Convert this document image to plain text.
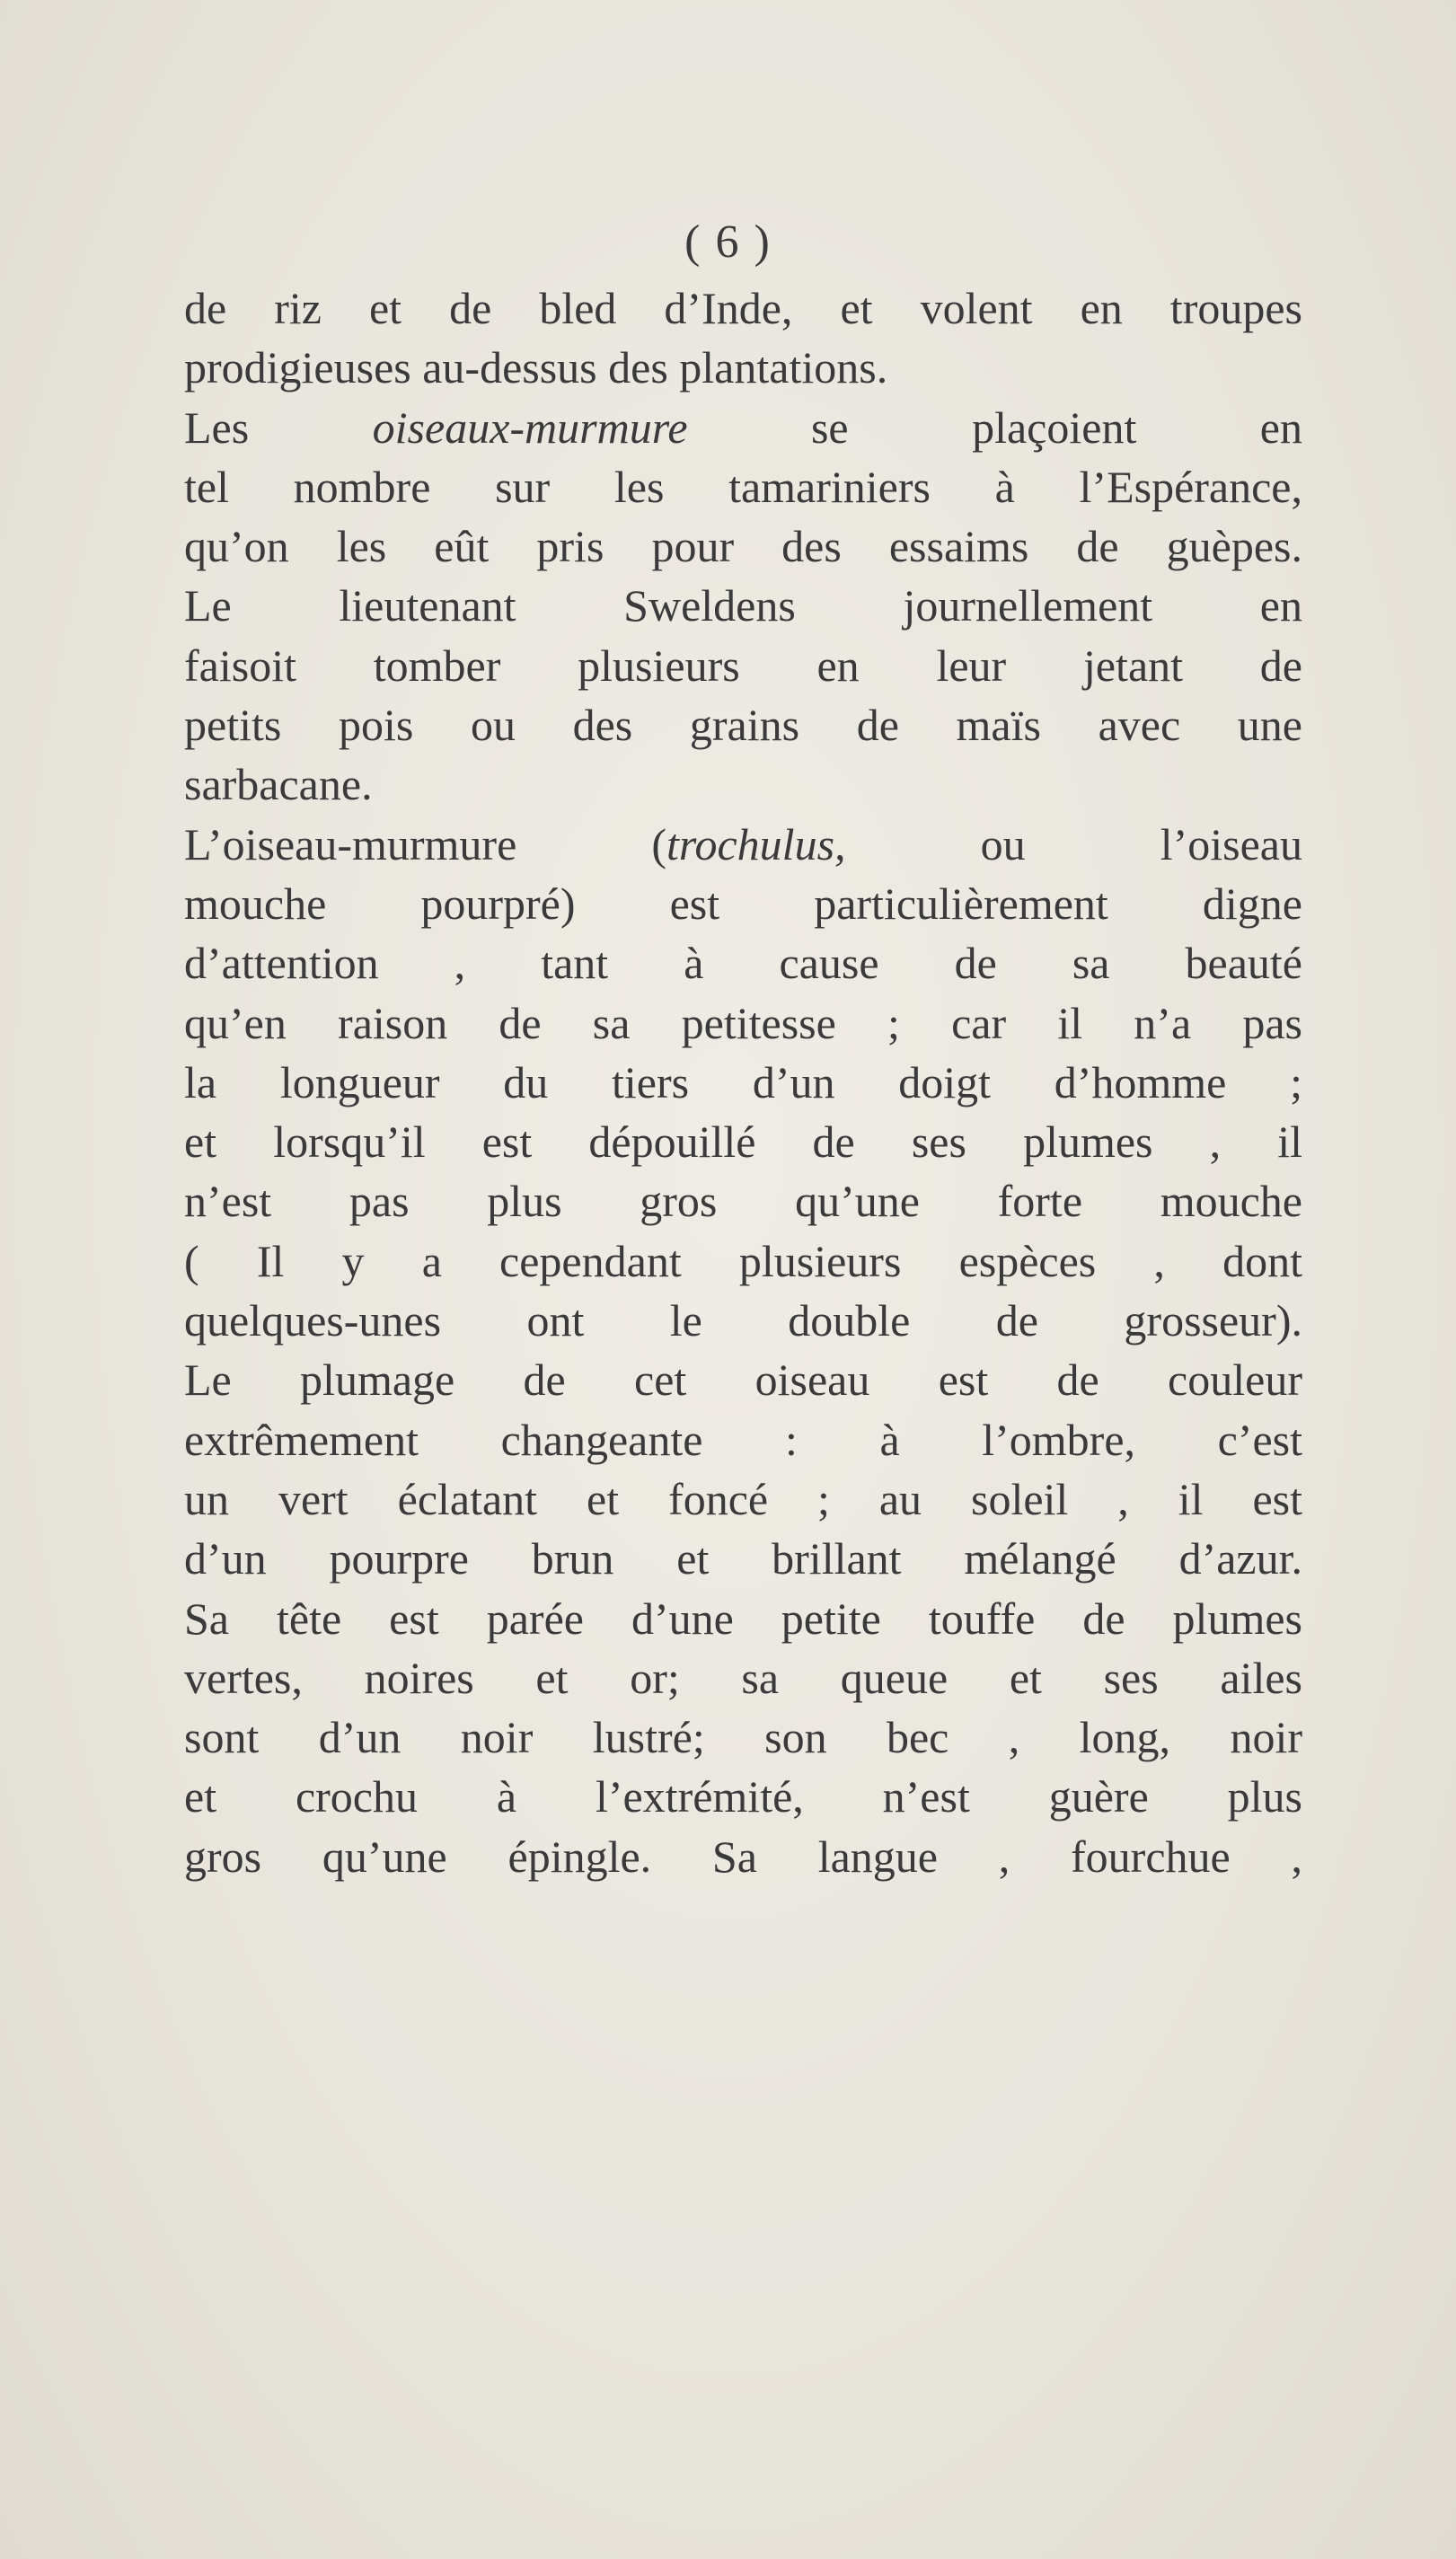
( 6 )
de riz et de bled d’Inde, et volent en troupes
prodigieuses au-dessus des plantations.
Les oiseaux-murmure se plaçoient en
tel nombre sur les tamariniers à l’Espérance,
qu’on les eût pris pour des essaims de guèpes.
Le lieutenant Sweldens journellement en
faisoit tomber plusieurs en leur jetant de
petits pois ou des grains de maïs avec une
sarbacane.
L’oiseau-murmure (trochulus, ou l’oiseau
mouche pourpré) est particulièrement digne
d’attention , tant à cause de sa beauté
qu’en raison de sa petitesse ; car il n’a pas
la longueur du tiers d’un doigt d’homme ;
et lorsqu’il est dépouillé de ses plumes , il
n’est pas plus gros qu’une forte mouche
( Il y a cependant plusieurs espèces , dont
quelques-unes ont le double de grosseur).
Le plumage de cet oiseau est de couleur
extrêmement changeante : à l’ombre, c’est
un vert éclatant et foncé ; au soleil , il est
d’un pourpre brun et brillant mélangé d’azur.
Sa tête est parée d’une petite touffe de plumes
vertes, noires et or; sa queue et ses ailes
sont d’un noir lustré; son bec , long, noir
et crochu à l’extrémité, n’est guère plus
gros qu’une épingle. Sa langue , fourchue ,
